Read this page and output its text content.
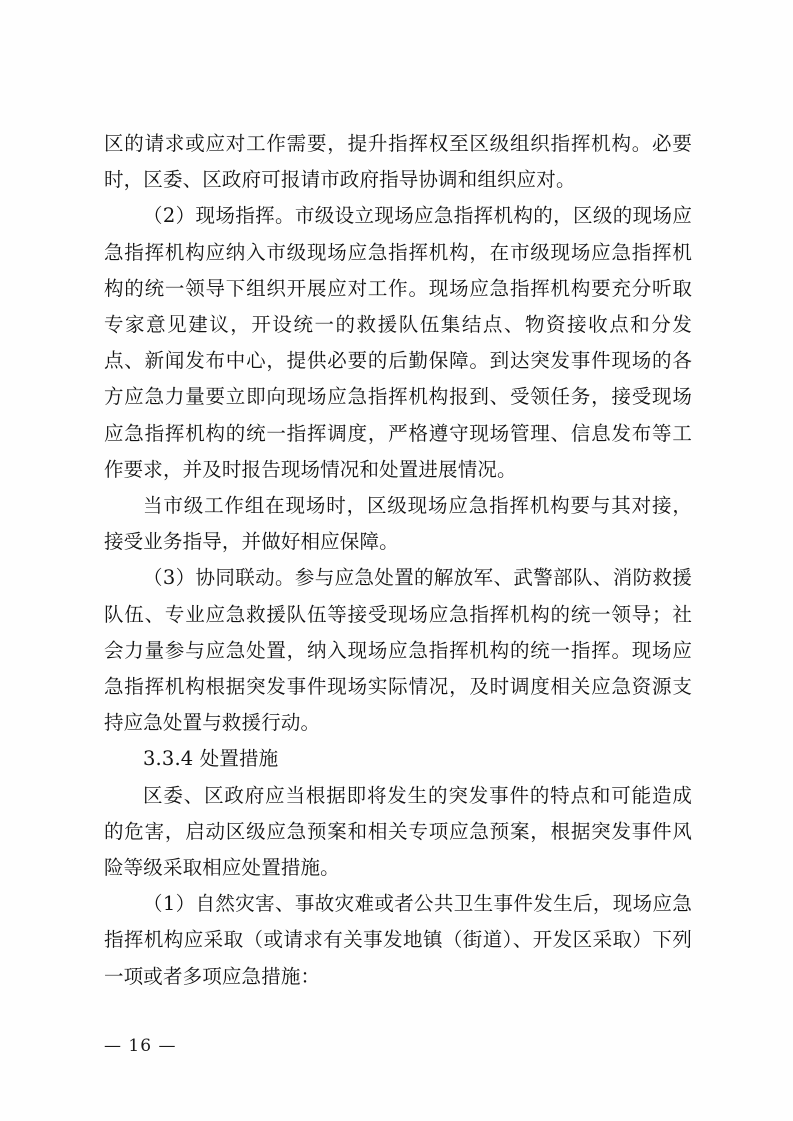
区的请求或应对工作需要，提升指挥权至区级组织指挥机构。必要时，区委、区政府可报请市政府指导协调和组织应对。

（2）现场指挥。市级设立现场应急指挥机构的，区级的现场应急指挥机构应纳入市级现场应急指挥机构，在市级现场应急指挥机构的统一领导下组织开展应对工作。现场应急指挥机构要充分听取专家意见建议，开设统一的救援队伍集结点、物资接收点和分发点、新闻发布中心，提供必要的后勤保障。到达突发事件现场的各方应急力量要立即向现场应急指挥机构报到、受领任务，接受现场应急指挥机构的统一指挥调度，严格遵守现场管理、信息发布等工作要求，并及时报告现场情况和处置进展情况。

当市级工作组在现场时，区级现场应急指挥机构要与其对接，接受业务指导，并做好相应保障。

（3）协同联动。参与应急处置的解放军、武警部队、消防救援队伍、专业应急救援队伍等接受现场应急指挥机构的统一领导；社会力量参与应急处置，纳入现场应急指挥机构的统一指挥。现场应急指挥机构根据突发事件现场实际情况，及时调度相关应急资源支持应急处置与救援行动。

3.3.4 处置措施

区委、区政府应当根据即将发生的突发事件的特点和可能造成的危害，启动区级应急预案和相关专项应急预案，根据突发事件风险等级采取相应处置措施。

（1）自然灾害、事故灾难或者公共卫生事件发生后，现场应急指挥机构应采取（或请求有关事发地镇（街道）、开发区采取）下列一项或者多项应急措施：

— 16 —
